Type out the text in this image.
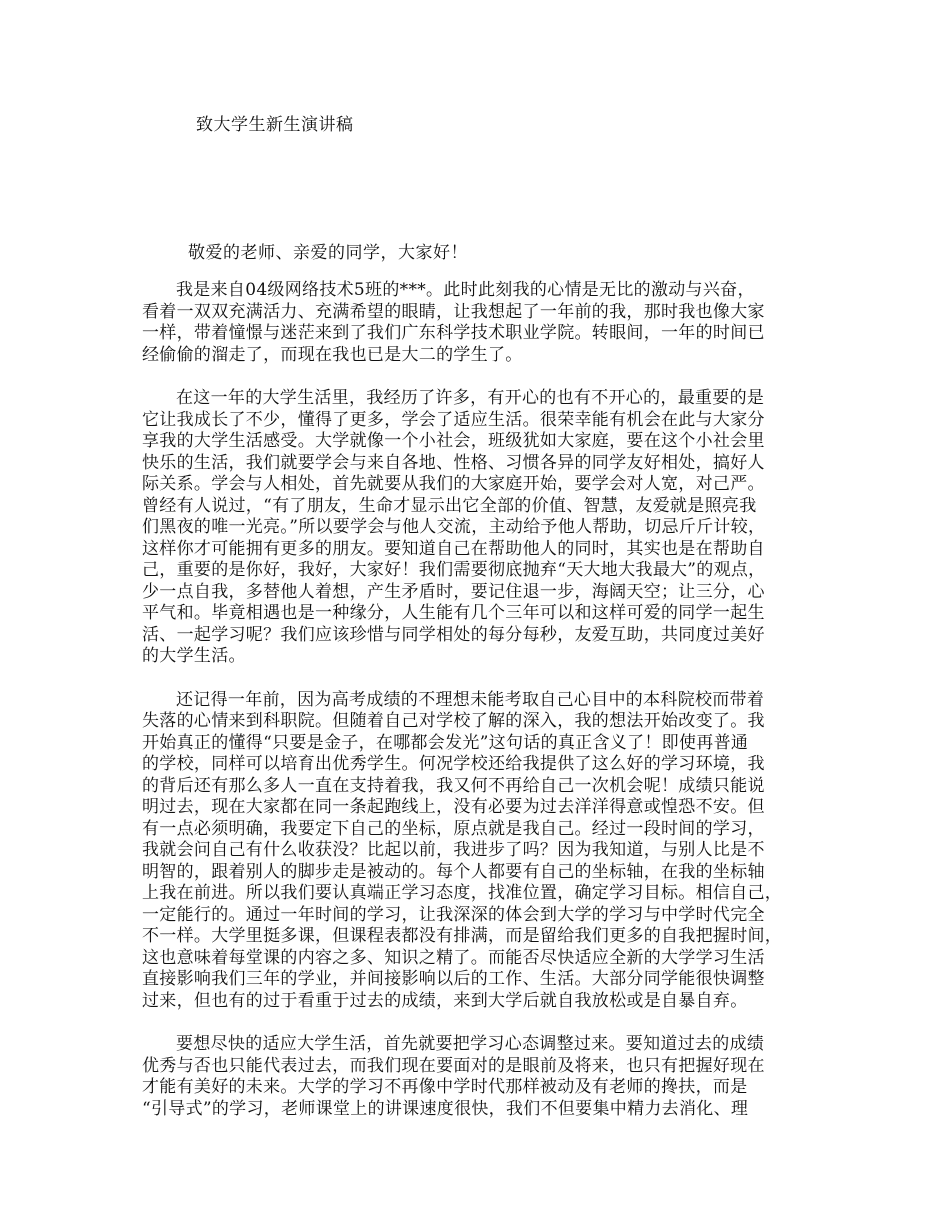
致大学生新生演讲稿
敬爱的老师、亲爱的同学，大家好！
我是来自04级网络技术5班的***。此时此刻我的心情是无比的激动与兴奋，
看着一双双充满活力、充满希望的眼睛，让我想起了一年前的我，那时我也像大家
一样，带着憧憬与迷茫来到了我们广东科学技术职业学院。转眼间，一年的时间已
经偷偷的溜走了，而现在我也已是大二的学生了。
在这一年的大学生活里，我经历了许多，有开心的也有不开心的，最重要的是
它让我成长了不少，懂得了更多，学会了适应生活。很荣幸能有机会在此与大家分
享我的大学生活感受。大学就像一个小社会，班级犹如大家庭，要在这个小社会里
快乐的生活，我们就要学会与来自各地、性格、习惯各异的同学友好相处，搞好人
际关系。学会与人相处，首先就要从我们的大家庭开始，要学会对人宽，对己严。
曾经有人说过，“有了朋友，生命才显示出它全部的价值、智慧，友爱就是照亮我
们黑夜的唯一光亮。”所以要学会与他人交流，主动给予他人帮助，切忌斤斤计较，
这样你才可能拥有更多的朋友。要知道自己在帮助他人的同时，其实也是在帮助自
己，重要的是你好，我好，大家好！我们需要彻底抛弃“天大地大我最大”的观点，
少一点自我，多替他人着想，产生矛盾时，要记住退一步，海阔天空；让三分，心
平气和。毕竟相遇也是一种缘分，人生能有几个三年可以和这样可爱的同学一起生
活、一起学习呢？我们应该珍惜与同学相处的每分每秒，友爱互助，共同度过美好
的大学生活。
还记得一年前，因为高考成绩的不理想未能考取自己心目中的本科院校而带着
失落的心情来到科职院。但随着自己对学校了解的深入，我的想法开始改变了。我
开始真正的懂得“只要是金子，在哪都会发光”这句话的真正含义了！即使再普通
的学校，同样可以培育出优秀学生。何况学校还给我提供了这么好的学习环境，我
的背后还有那么多人一直在支持着我，我又何不再给自己一次机会呢！成绩只能说
明过去，现在大家都在同一条起跑线上，没有必要为过去洋洋得意或惶恐不安。但
有一点必须明确，我要定下自己的坐标，原点就是我自己。经过一段时间的学习，
我就会问自己有什么收获没？比起以前，我进步了吗？因为我知道，与别人比是不
明智的，跟着别人的脚步走是被动的。每个人都要有自己的坐标轴，在我的坐标轴
上我在前进。所以我们要认真端正学习态度，找准位置，确定学习目标。相信自己，
一定能行的。通过一年时间的学习，让我深深的体会到大学的学习与中学时代完全
不一样。大学里挺多课，但课程表都没有排满，而是留给我们更多的自我把握时间，
这也意味着每堂课的内容之多、知识之精了。而能否尽快适应全新的大学学习生活
直接影响我们三年的学业，并间接影响以后的工作、生活。大部分同学能很快调整
过来，但也有的过于看重于过去的成绩，来到大学后就自我放松或是自暴自弃。
要想尽快的适应大学生活，首先就要把学习心态调整过来。要知道过去的成绩
优秀与否也只能代表过去，而我们现在要面对的是眼前及将来，也只有把握好现在
才能有美好的未来。大学的学习不再像中学时代那样被动及有老师的搀扶，而是
“引导式”的学习，老师课堂上的讲课速度很快，我们不但要集中精力去消化、理
